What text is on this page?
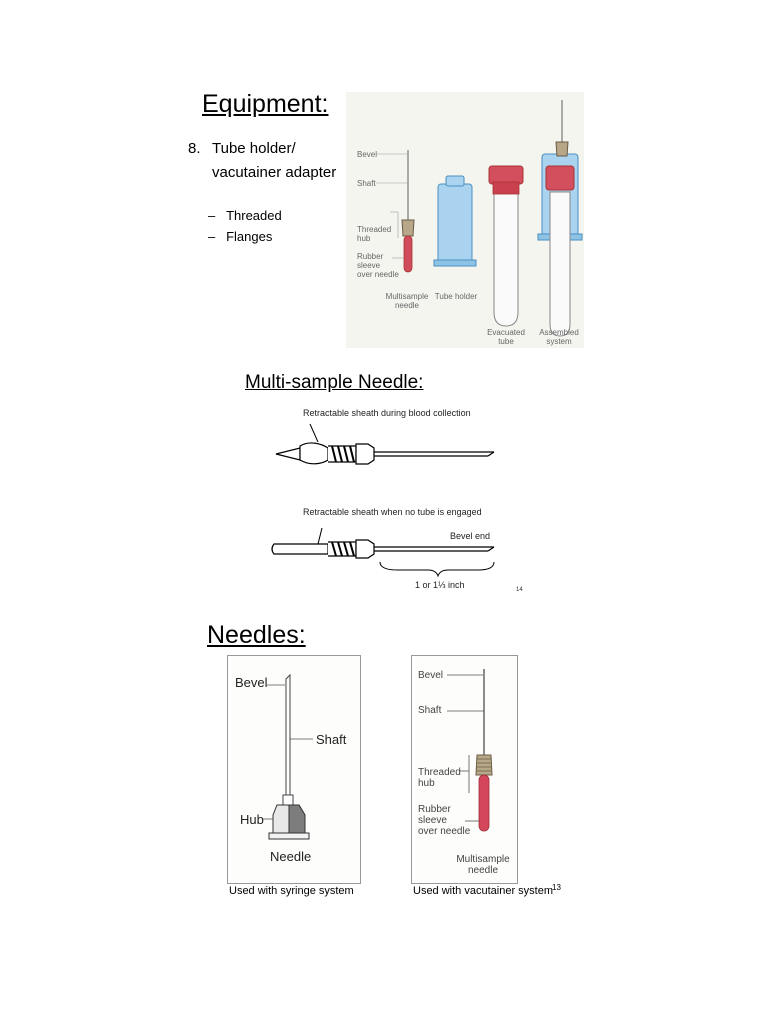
Equipment:
8. Tube holder/
vacutainer adapter
–   Threaded
–   Flanges
Bevel
Shaft
Threaded
hub
Rubber
sleeve
over needle
Multisample
needle
Tube holder
Evacuated
tube
Assembled
system
Multi-sample Needle:
Retractable sheath during blood collection
Retractable sheath when no tube is engaged
Bevel end
1 or 1⅓ inch	14
Needles:
Bevel
Shaft
Hub
Needle
Used with syringe system
Bevel
Shaft
Threaded
hub
Rubber
sleeve
over needle
Multisample
needle
Used with vacutainer system 13
